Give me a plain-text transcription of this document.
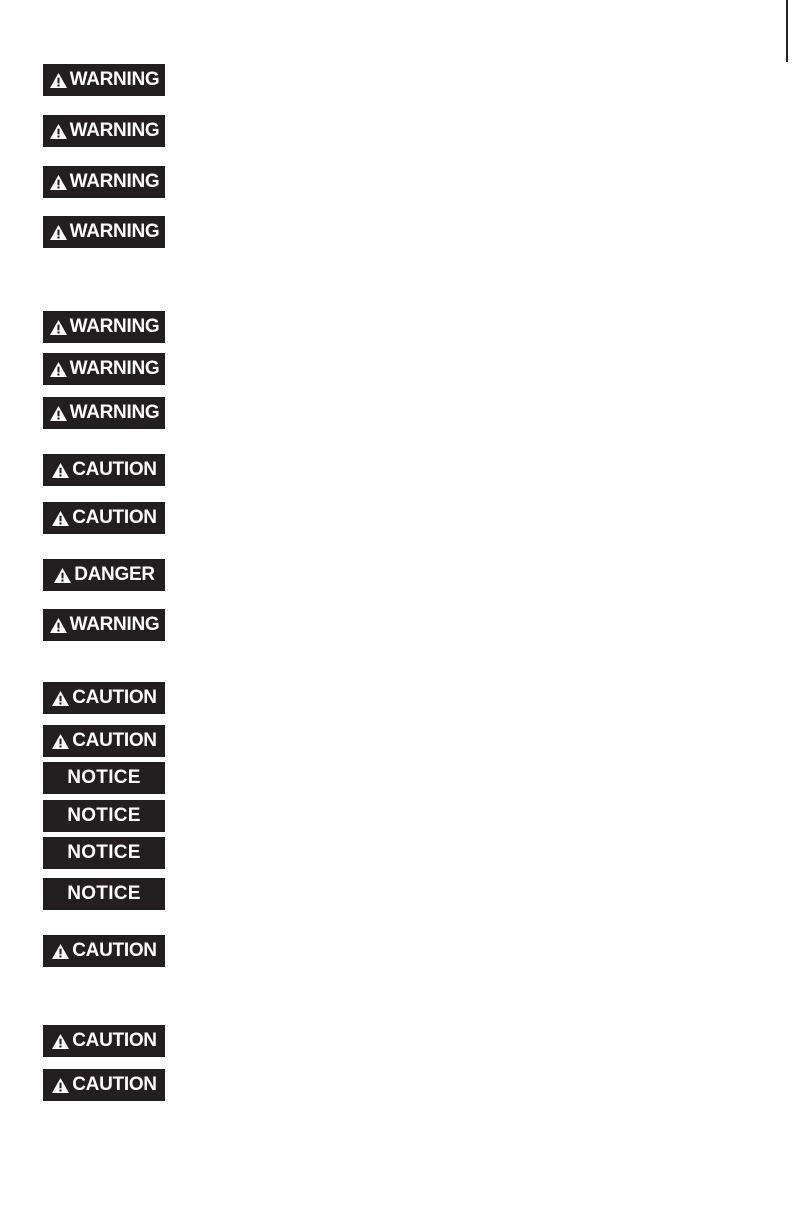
WARNING
WARNING
WARNING
WARNING
WARNING
WARNING
WARNING
CAUTION
CAUTION
DANGER
WARNING
CAUTION
CAUTION
NOTICE
NOTICE
NOTICE
NOTICE
CAUTION
CAUTION
CAUTION
